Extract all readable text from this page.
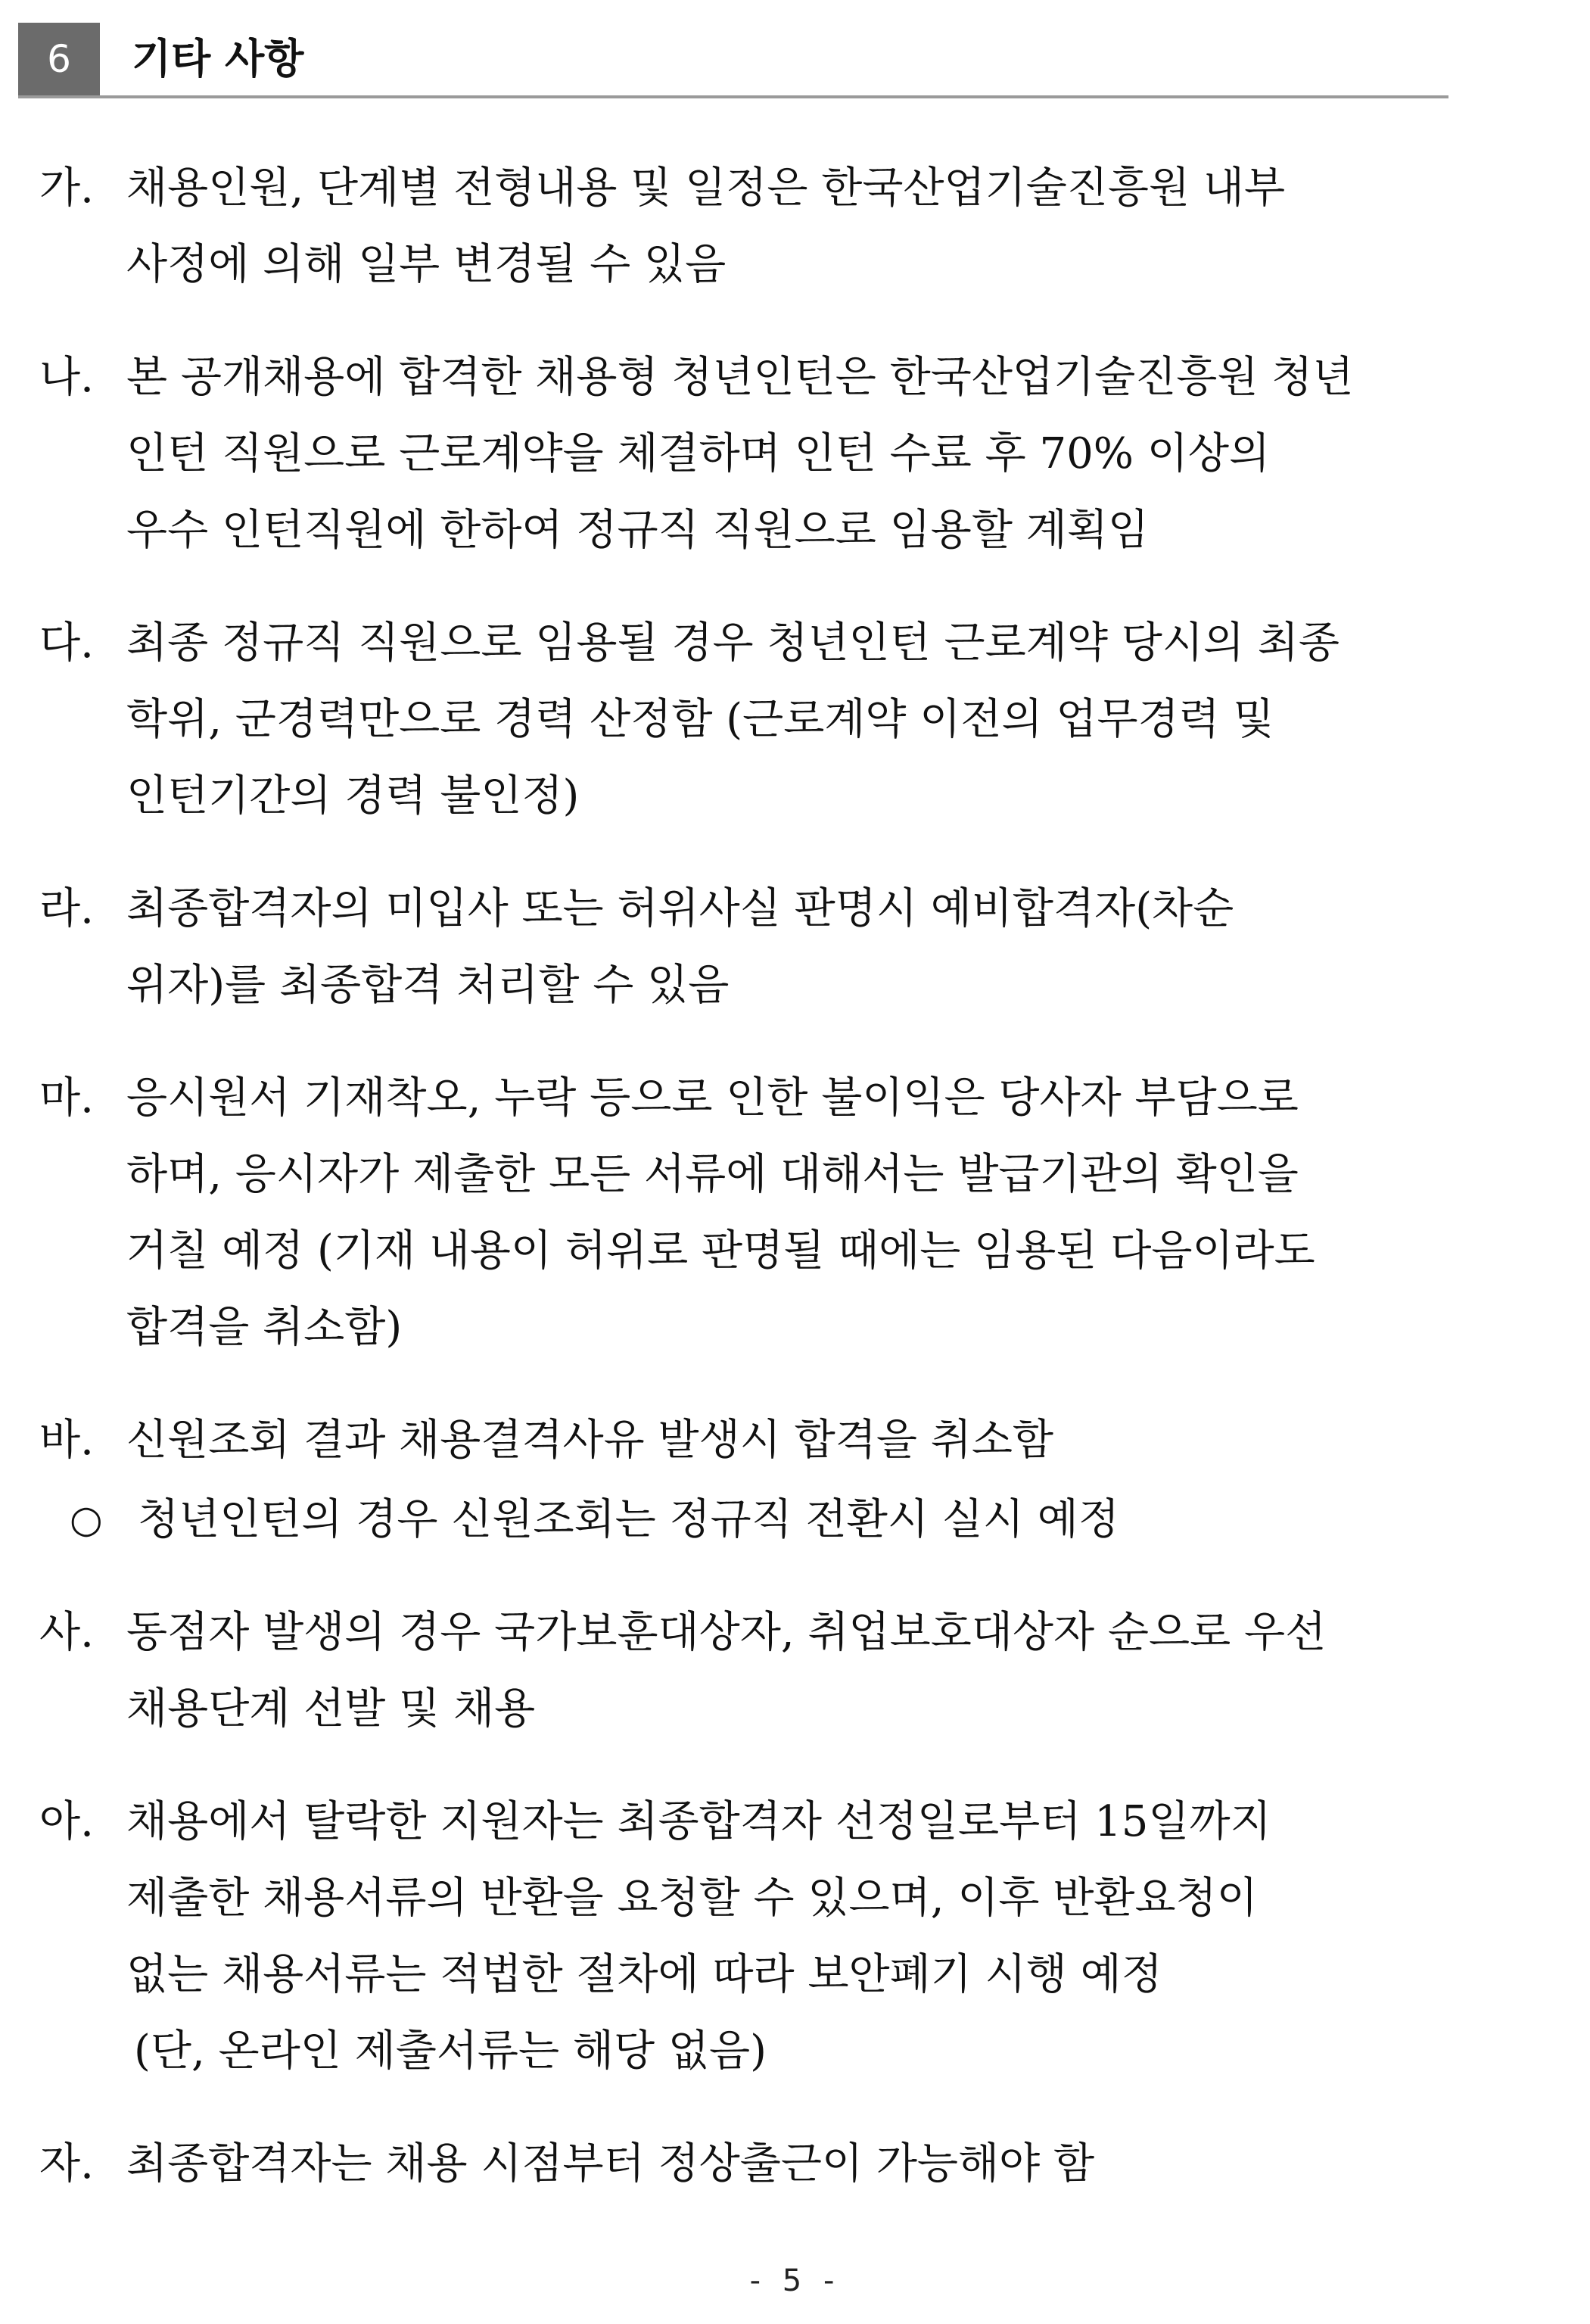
6	기타 사항
가. 채용인원, 단계별 전형내용 및 일정은 한국산업기술진흥원 내부
사정에 의해 일부 변경될 수 있음
나. 본 공개채용에 합격한 채용형 청년인턴은 한국산업기술진흥원 청년
인턴 직원으로 근로계약을 체결하며 인턴 수료 후 70% 이상의
우수 인턴직원에 한하여 정규직 직원으로 임용할 계획임
다. 최종 정규직 직원으로 임용될 경우 청년인턴 근로계약 당시의 최종
학위, 군경력만으로 경력 산정함 (근로계약 이전의 업무경력 및
인턴기간의 경력 불인정)
라. 최종합격자의 미입사 또는 허위사실 판명시 예비합격자(차순
위자)를 최종합격 처리할 수 있음
마. 응시원서 기재착오, 누락 등으로 인한 불이익은 당사자 부담으로
하며, 응시자가 제출한 모든 서류에 대해서는 발급기관의 확인을
거칠 예정 (기재 내용이 허위로 판명될 때에는 임용된 다음이라도
합격을 취소함)
바. 신원조회 결과 채용결격사유 발생시 합격을 취소함
○ 청년인턴의 경우 신원조회는 정규직 전환시 실시 예정
사. 동점자 발생의 경우 국가보훈대상자, 취업보호대상자 순으로 우선
채용단계 선발 및 채용
아. 채용에서 탈락한 지원자는 최종합격자 선정일로부터 15일까지
제출한 채용서류의 반환을 요청할 수 있으며, 이후 반환요청이
없는 채용서류는 적법한 절차에 따라 보안폐기 시행 예정
(단, 온라인 제출서류는 해당 없음)
자. 최종합격자는 채용 시점부터 정상출근이 가능해야 함
- 5 -
